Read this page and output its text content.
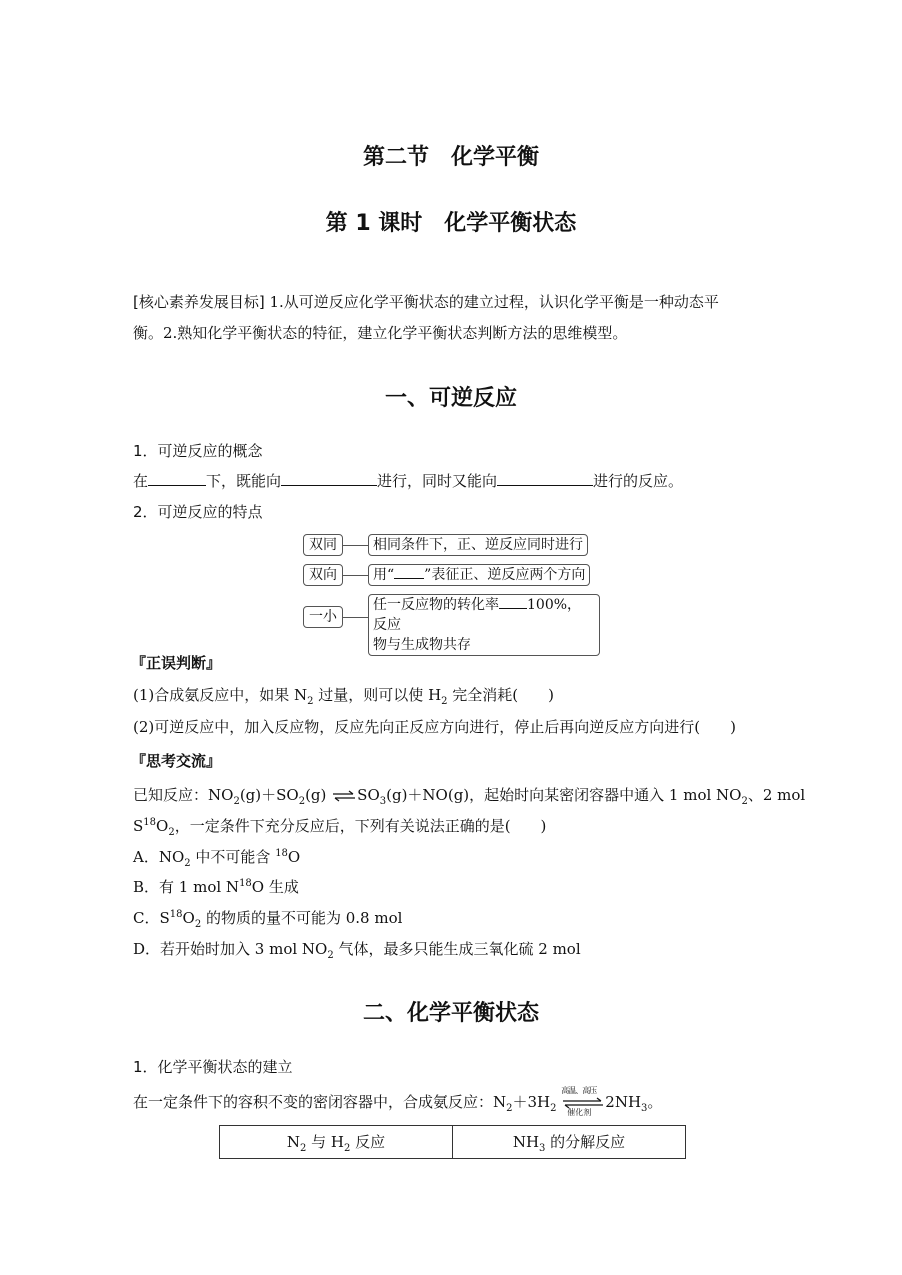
第二节　化学平衡
第 1 课时　化学平衡状态
[核心素养发展目标] 1.从可逆反应化学平衡状态的建立过程，认识化学平衡是一种动态平
衡。2.熟知化学平衡状态的特征，建立化学平衡状态判断方法的思维模型。
一、可逆反应
1．可逆反应的概念
在	下，既能向	进行，同时又能向	进行的反应。
2．可逆反应的特点
双同	相同条件下，正、逆反应同时进行
双向	用“ ”表征正、逆反应两个方向
一小
任一反应物的转化率 100%，反应
物与生成物共存
『正误判断』
(1)合成氨反应中，如果 $N_2$ 过量，则可以使 $H_2$ 完全消耗(　　)
(2)可逆反应中，加入反应物，反应先向正反应方向进行，停止后再向逆反应方向进行(　　)
『思考交流』
已知反应：$NO_2(g)+SO_2(g)$ $\rightleftharpoons SO_3(g)+NO(g)$，起始时向某密闭容器中通入 1 mol $NO_2$、2 mol
$S^{18}O_2$，一定条件下充分反应后，下列有关说法正确的是(　　)
A．$NO_2$ 中不可能含 $^{18}$O
B．有 1 mol $N^{18}O$ 生成
C．$S^{18}O_2$ 的物质的量不可能为 0.8 mol
D．若开始时加入 3 mol $NO_2$ 气体，最多只能生成三氧化硫 2 mol
二、化学平衡状态
1．化学平衡状态的建立
在一定条件下的容积不变的密闭容器中，合成氨反应：$N_2+3H_2$
高温、高压
催化剂
$2NH_3$。
$N_2$ 与 $H_2$ 反应	$NH_3$ 的分解反应
